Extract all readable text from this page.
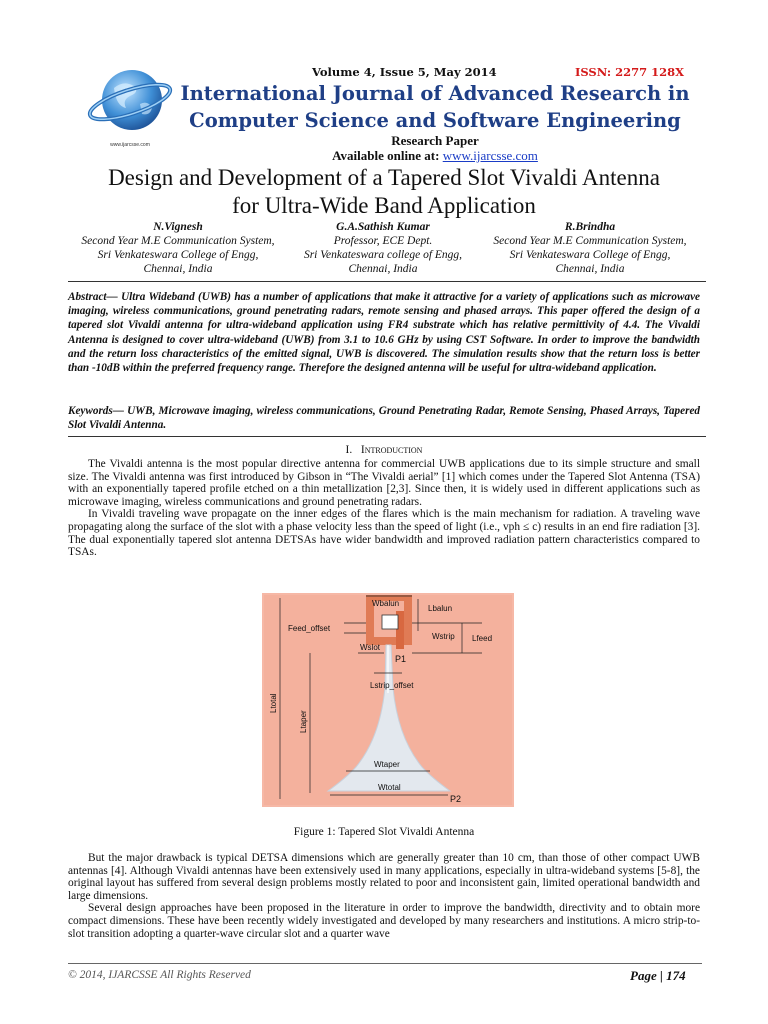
www.ijarcsse.com
Volume 4, Issue 5, May 2014	ISSN: 2277 128X
International Journal of Advanced Research in
Computer Science and Software Engineering
Research Paper
Available online at: www.ijarcsse.com
Design and Development of a Tapered Slot Vivaldi Antenna
for Ultra-Wide Band Application
N.Vignesh
Second Year M.E Communication System,
Sri Venkateswara College of Engg,
Chennai, India
G.A.Sathish Kumar
Professor, ECE Dept.
Sri Venkateswara college of Engg,
Chennai, India
R.Brindha
Second Year M.E Communication System,
Sri Venkateswara College of Engg,
Chennai, India
Abstract— Ultra Wideband (UWB) has a number of applications that make it attractive for a variety of applications such as microwave imaging, wireless communications, ground penetrating radars, remote sensing and phased arrays. This paper offered the design of a tapered slot Vivaldi antenna for ultra-wideband application using FR4 substrate which has relative permittivity of 4.4. The Vivaldi Antenna is designed to cover ultra-wideband (UWB) from 3.1 to 10.6 GHz by using CST Software. In order to improve the bandwidth and the return loss characteristics of the emitted signal, UWB is discovered. The simulation results show that the return loss is better than -10dB within the preferred frequency range. Therefore the designed antenna will be useful for ultra-wideband application.
Keywords— UWB, Microwave imaging, wireless communications, Ground Penetrating Radar, Remote Sensing, Phased Arrays, Tapered Slot Vivaldi Antenna.
I. Introduction

The Vivaldi antenna is the most popular directive antenna for commercial UWB applications due to its simple structure and small size. The Vivaldi antenna was first introduced by Gibson in “The Vivaldi aerial” [1] which comes under the Tapered Slot Antenna (TSA) with an exponentially tapered profile etched on a thin metallization [2,3]. Since then, it is widely used in different applications such as microwave imaging, wireless communications and ground penetrating radars.

In Vivaldi traveling wave propagate on the inner edges of the flares which is the main mechanism for radiation. A traveling wave propagating along the surface of the slot with a phase velocity less than the speed of light (i.e., vph ≤ c) results in an end fire radiation [3]. The dual exponentially tapered slot antenna DETSAs have wider bandwidth and improved radiation pattern characteristics compared to TSAs.

Wbalun
Lbalun
Feed_offset
Wstrip Lfeed
Wslot
P1
Lstrip_offset
Ltotal
Ltaper
Wtaper
Wtotal
P2
Figure 1: Tapered Slot Vivaldi Antenna

But the major drawback is typical DETSA dimensions which are generally greater than 10 cm, than those of other compact UWB antennas [4]. Although Vivaldi antennas have been extensively used in many applications, especially in ultra-wideband systems [5-8], the original layout has suffered from several design problems mostly related to poor and inconsistent gain, limited operational bandwidth and large dimensions.

Several design approaches have been proposed in the literature in order to improve the bandwidth, directivity and to obtain more compact dimensions. These have been recently widely investigated and developed by many researchers and institutions. A micro strip-to-slot transition adopting a quarter-wave circular slot and a quarter wave

© 2014, IJARCSSE All Rights Reserved	Page | 174
